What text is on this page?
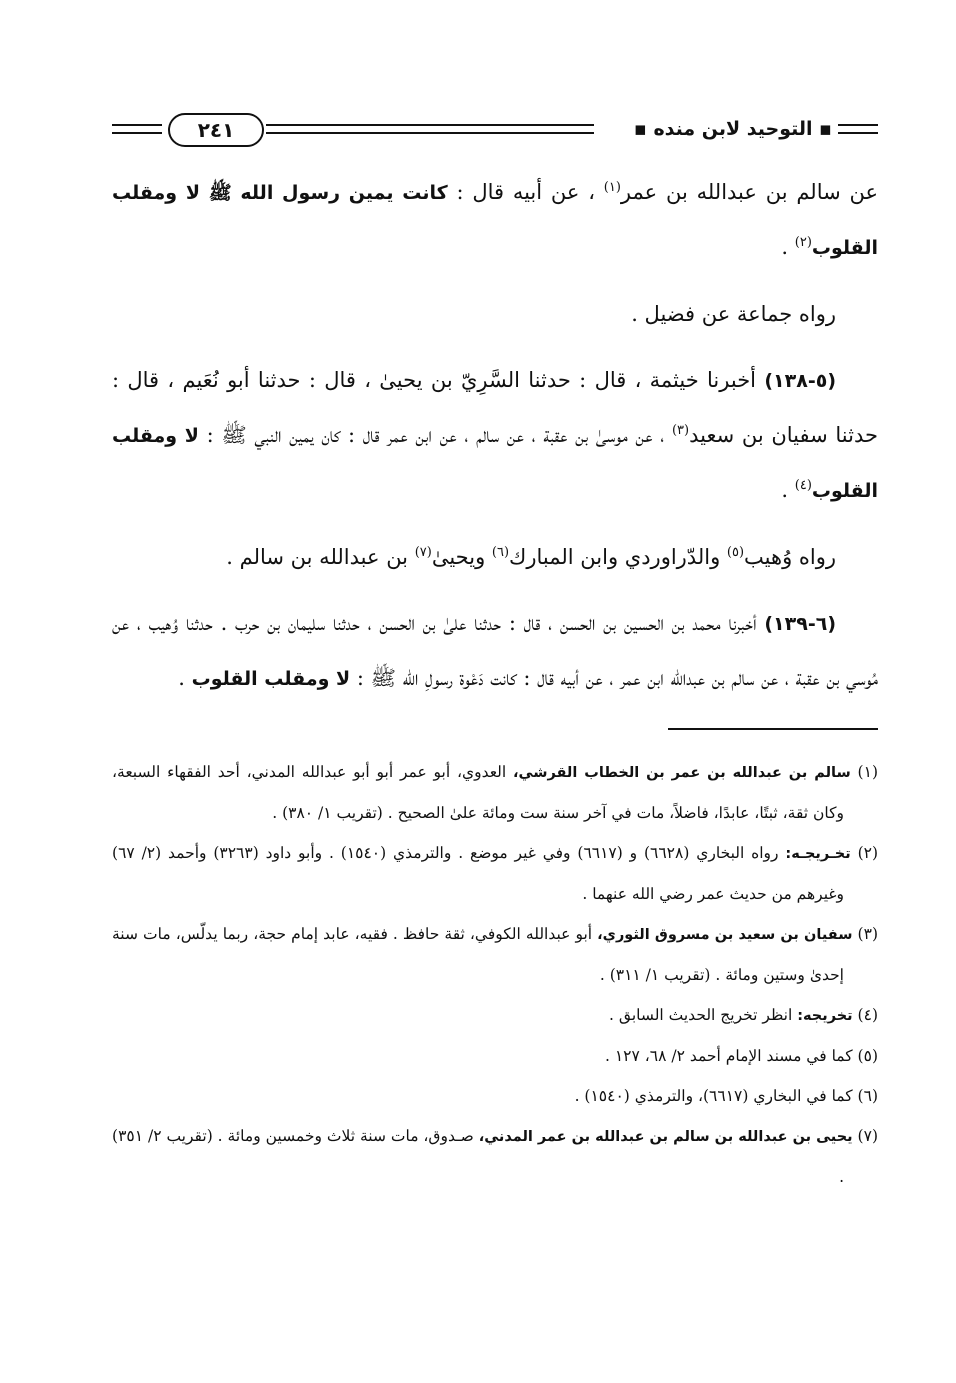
▪ التوحيد لابن منده ▪
٢٤١

عن سالم بن عبدالله بن عمر$^{(١)}$ ، عن أبيه قال : كانت يمين رسول الله ﷺ لا ومقلب القلوب$^{(٢)}$ .

رواه جماعة عن فضيل .

(٥-١٣٨) أخبرنا خيثمة ، قال : حدثنا السَّرِيّ بن يحيىٰ ، قال : حدثنا أبو نُعَيم ، قال : حدثنا سفيان بن سعيد$^{(٣)}$ ، عن موسىٰ بن عقبة ، عن سالم ، عن ابن عمر قال : كان يمين النبي ﷺ : لا ومقلب القلوب$^{(٤)}$ .

رواه وُهيب$^{(٥)}$ والدّراوردي وابن المبارك$^{(٦)}$ ويحيىٰ$^{(٧)}$ بن عبدالله بن سالم .

(٦-١٣٩) أخبرنا محمد بن الحسين بن الحسن ، قال : حدثنا علىٰ بن الحسن ، حدثنا سليمان بن حرب . حدثنا وُهيب ، عن مُوسي بن عقبة ، عن سالم بن عبدالله ابن عمر ، عن أبيه قال : كانت دَعْوة رسولِ الله ﷺ : لا ومقلب القلوب .

(١) سالم بن عبدالله بن عمر بن الخطاب القرشي، العدوي، أبو عمر أبو أبو عبدالله المدني، أحد الفقهاء السبعة، وكان ثقة، ثبتًا، عابدًا، فاضلاً، مات في آخر سنة ست ومائة علىٰ الصحيح . (تقريب ١/ ٣٨٠) .

(٢) تخـريجـه: رواه البخاري (٦٦٢٨) و (٦٦١٧) وفي غير موضع . والترمذي (١٥٤٠) . وأبو داود (٣٢٦٣) وأحمد (٢/ ٦٧) وغيرهم من حديث عمر رضي الله عنهما .

(٣) سفيان بن سعيد بن مسروق الثوري، أبو عبدالله الكوفي، ثقة حافظ . فقيه، عابد إمام حجة، ربما يدلّس، مات سنة إحدىٰ وستين ومائة . (تقريب ١/ ٣١١) .

(٤) تخريجه: انظر تخريج الحديث السابق .

(٥) كما في مسند الإمام أحمد ٢/ ٦٨، ١٢٧ .

(٦) كما في البخاري (٦٦١٧)، والترمذي (١٥٤٠) .

(٧) يحيى بن عبدالله بن سالم بن عبدالله بن عمر المدني، صـدوق، مات سنة ثلاث وخمسين ومائة . (تقريب ٢/ ٣٥١) .
